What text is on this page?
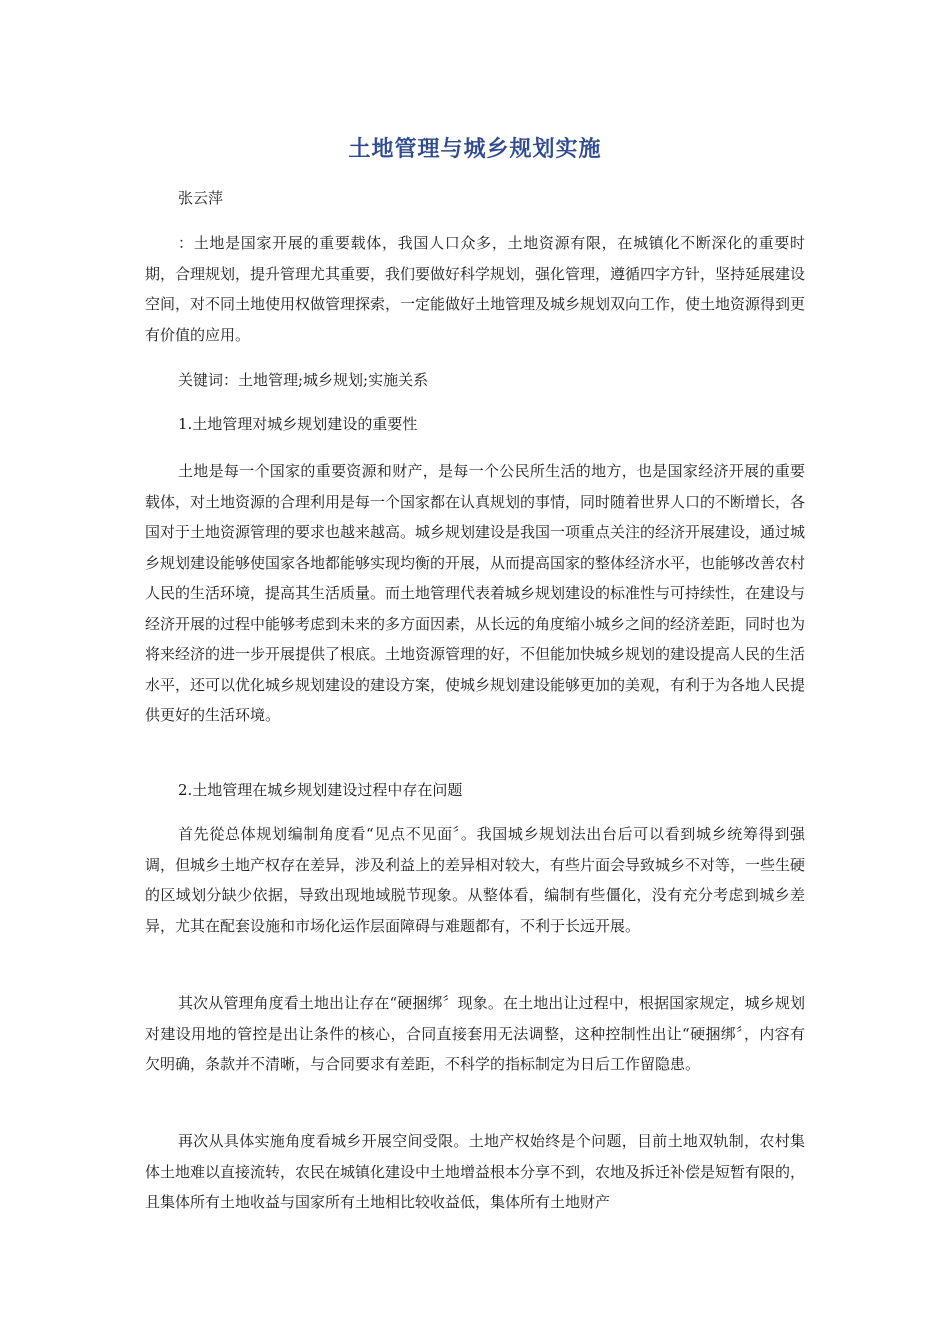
土地管理与城乡规划实施

张云萍

：土地是国家开展的重要载体，我国人口众多，土地资源有限，在城镇化不断深化的重要时期，合理规划，提升管理尤其重要，我们要做好科学规划，强化管理，遵循四字方针，坚持延展建设空间，对不同土地使用权做管理探索，一定能做好土地管理及城乡规划双向工作，使土地资源得到更有价值的应用。

关键词：土地管理;城乡规划;实施关系

1.土地管理对城乡规划建设的重要性

土地是每一个国家的重要资源和财产，是每一个公民所生活的地方，也是国家经济开展的重要载体，对土地资源的合理利用是每一个国家都在认真规划的事情，同时随着世界人口的不断增长，各国对于土地资源管理的要求也越来越高。城乡规划建设是我国一项重点关注的经济开展建设，通过城乡规划建设能够使国家各地都能够实现均衡的开展，从而提高国家的整体经济水平，也能够改善农村人民的生活环境，提高其生活质量。而土地管理代表着城乡规划建设的标准性与可持续性，在建设与经济开展的过程中能够考虑到未来的多方面因素，从长远的角度缩小城乡之间的经济差距，同时也为将来经济的进一步开展提供了根底。土地资源管理的好，不但能加快城乡规划的建设提高人民的生活水平，还可以优化城乡规划建设的建设方案，使城乡规划建设能够更加的美观，有利于为各地人民提供更好的生活环境。

2.土地管理在城乡规划建设过程中存在问题

首先從总体规划编制角度看“见点不见面〞。我国城乡规划法出台后可以看到城乡统筹得到强调，但城乡土地产权存在差异，涉及利益上的差异相对较大，有些片面会导致城乡不对等，一些生硬的区域划分缺少依据，导致出现地域脱节现象。从整体看，编制有些僵化，没有充分考虑到城乡差异，尤其在配套设施和市场化运作层面障碍与难题都有，不利于长远开展。

其次从管理角度看土地出让存在“硬捆绑〞现象。在土地出让过程中，根据国家规定，城乡规划对建设用地的管控是出让条件的核心，合同直接套用无法调整，这种控制性出让“硬捆绑〞，内容有欠明确，条款并不清晰，与合同要求有差距，不科学的指标制定为日后工作留隐患。

再次从具体实施角度看城乡开展空间受限。土地产权始终是个问题，目前土地双轨制，农村集体土地难以直接流转，农民在城镇化建设中土地增益根本分享不到，农地及拆迁补偿是短暂有限的，且集体所有土地收益与国家所有土地相比较收益低，集体所有土地财产
